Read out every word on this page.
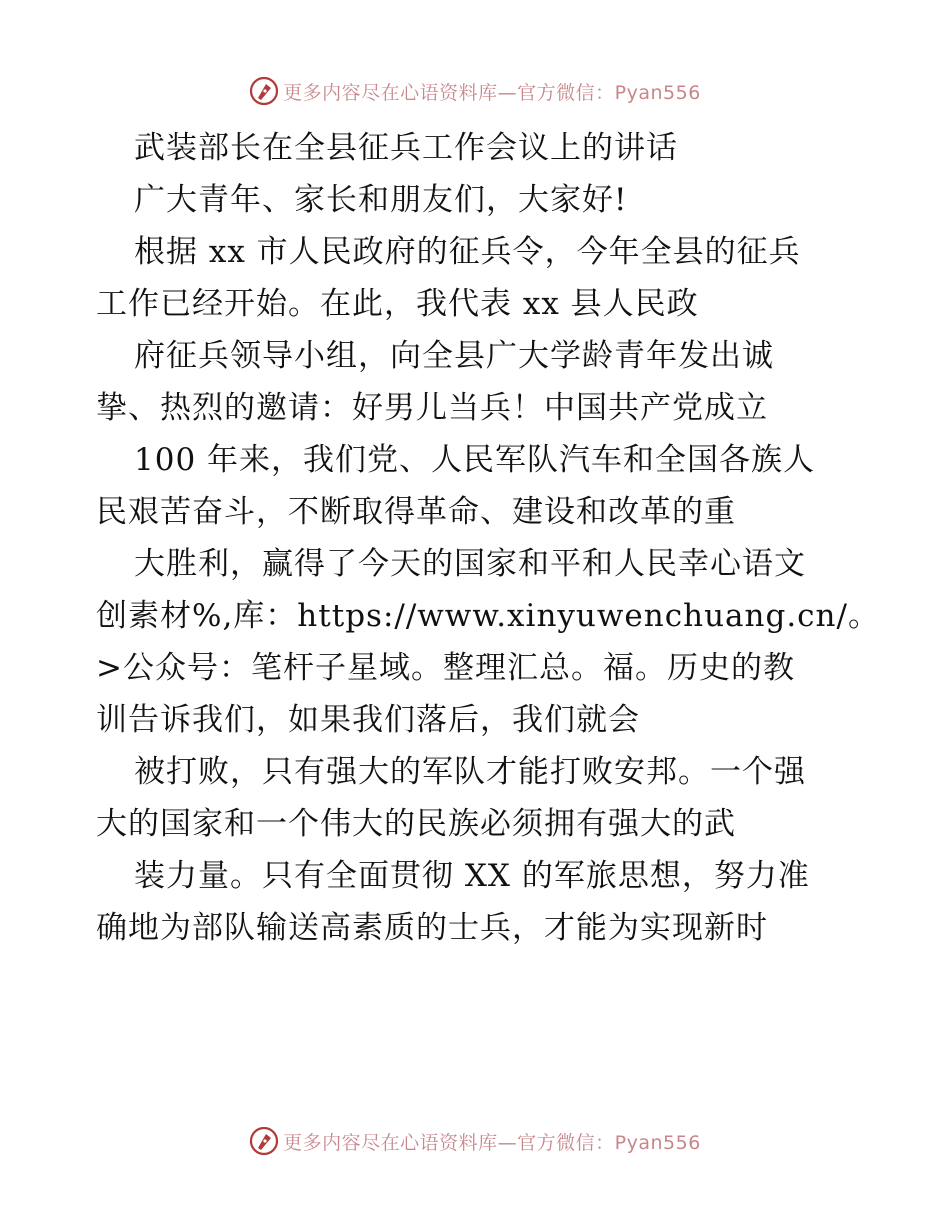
更多内容尽在心语资料库—官方微信：Pyan556

武装部长在全县征兵工作会议上的讲话

广大青年、家长和朋友们，大家好!

根据 xx 市人民政府的征兵令，今年全县的征兵

工作已经开始。在此，我代表 xx 县人民政

府征兵领导小组，向全县广大学龄青年发出诚

挚、热烈的邀请：好男儿当兵！中国共产党成立

100 年来，我们党、人民军队汽车和全国各族人

民艰苦奋斗，不断取得革命、建设和改革的重

大胜利，赢得了今天的国家和平和人民幸心语文

创素材%,库：https://www.xinyuwenchuang.cn/。

>公众号：笔杆子星域。整理汇总。福。历史的教

训告诉我们，如果我们落后，我们就会

被打败，只有强大的军队才能打败安邦。一个强

大的国家和一个伟大的民族必须拥有强大的武

装力量。只有全面贯彻 XX 的军旅思想，努力准

确地为部队输送高素质的士兵，才能为实现新时

更多内容尽在心语资料库—官方微信：Pyan556
